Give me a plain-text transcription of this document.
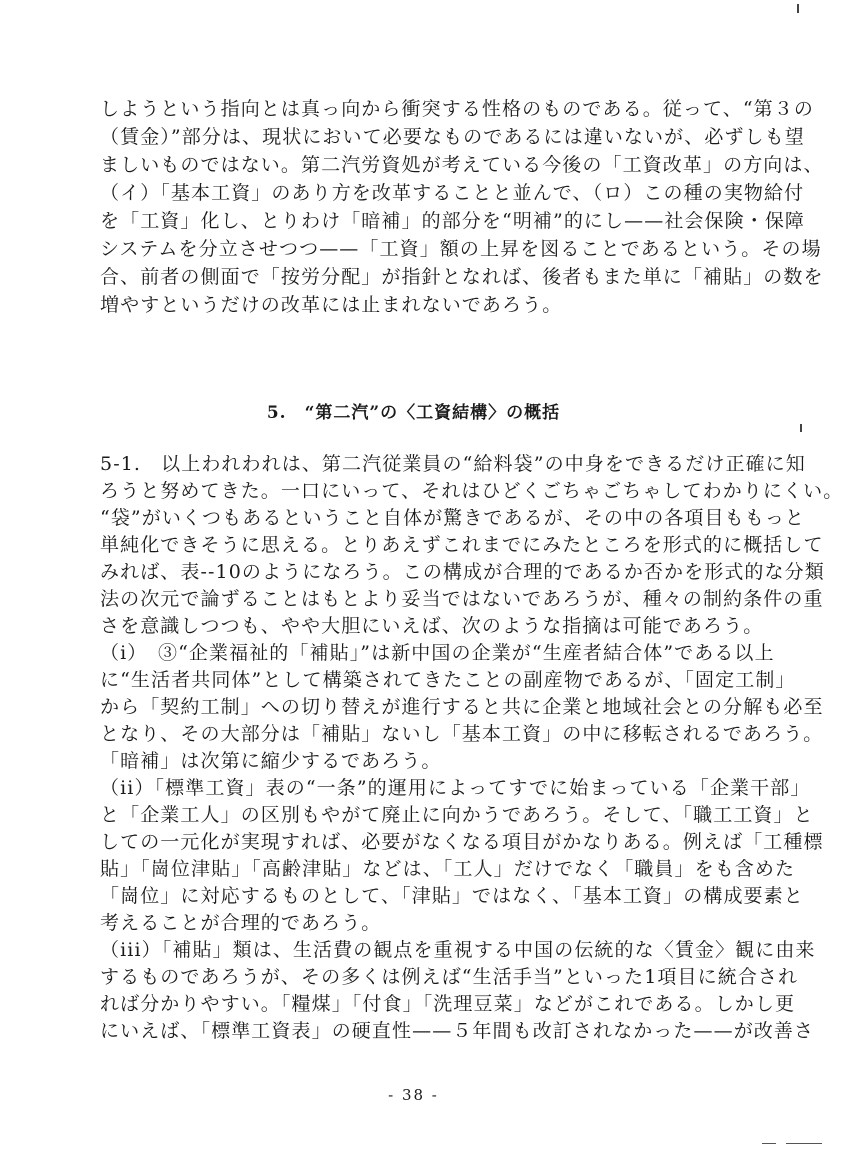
しようという指向とは真っ向から衝突する性格のものである。従って、“第３の
（賃金）”部分は、現状において必要なものであるには違いないが、必ずしも望
ましいものではない。第二汽労資処が考えている今後の「工資改革」の方向は、
（イ）「基本工資」のあり方を改革することと並んで、（ロ）この種の実物給付
を「工資」化し、とりわけ「暗補」的部分を“明補”的にし——社会保険・保障
システムを分立させつつ——「工資」額の上昇を図ることであるという。その場
合、前者の側面で「按労分配」が指針となれば、後者もまた単に「補貼」の数を
増やすというだけの改革には止まれないであろう。
5.　“第二汽”の〈工資結構〉の概括
5-1.　以上われわれは、第二汽従業員の“給料袋”の中身をできるだけ正確に知
ろうと努めてきた。一口にいって、それはひどくごちゃごちゃしてわかりにくい。
“袋”がいくつもあるということ自体が驚きであるが、その中の各項目ももっと
単純化できそうに思える。とりあえずこれまでにみたところを形式的に概括して
みれば、表--10のようになろう。この構成が合理的であるか否かを形式的な分類
法の次元で論ずることはもとより妥当ではないであろうが、種々の制約条件の重
さを意識しつつも、やや大胆にいえば、次のような指摘は可能であろう。
（i）　③“企業福祉的「補貼」”は新中国の企業が“生産者結合体”である以上
に“生活者共同体”として構築されてきたことの副産物であるが、「固定工制」
から「契約工制」への切り替えが進行すると共に企業と地域社会との分解も必至
となり、その大部分は「補貼」ないし「基本工資」の中に移転されるであろう。
「暗補」は次第に縮少するであろう。
（ii）「標準工資」表の“一条”的運用によってすでに始まっている「企業干部」
と「企業工人」の区別もやがて廃止に向かうであろう。そして、「職工工資」と
しての一元化が実現すれば、必要がなくなる項目がかなりある。例えば「工種標
貼」「崗位津貼」「高齢津貼」などは、「工人」だけでなく「職員」をも含めた
「崗位」に対応するものとして、「津貼」ではなく、「基本工資」の構成要素と
考えることが合理的であろう。
（iii）「補貼」類は、生活費の観点を重視する中国の伝統的な〈賃金〉観に由来
するものであろうが、その多くは例えば“生活手当”といった1項目に統合され
れば分かりやすい。「糧煤」「付食」「洗理豆菜」などがこれである。しかし更
にいえば、「標準工資表」の硬直性——５年間も改訂されなかった——が改善さ
- 38 -
